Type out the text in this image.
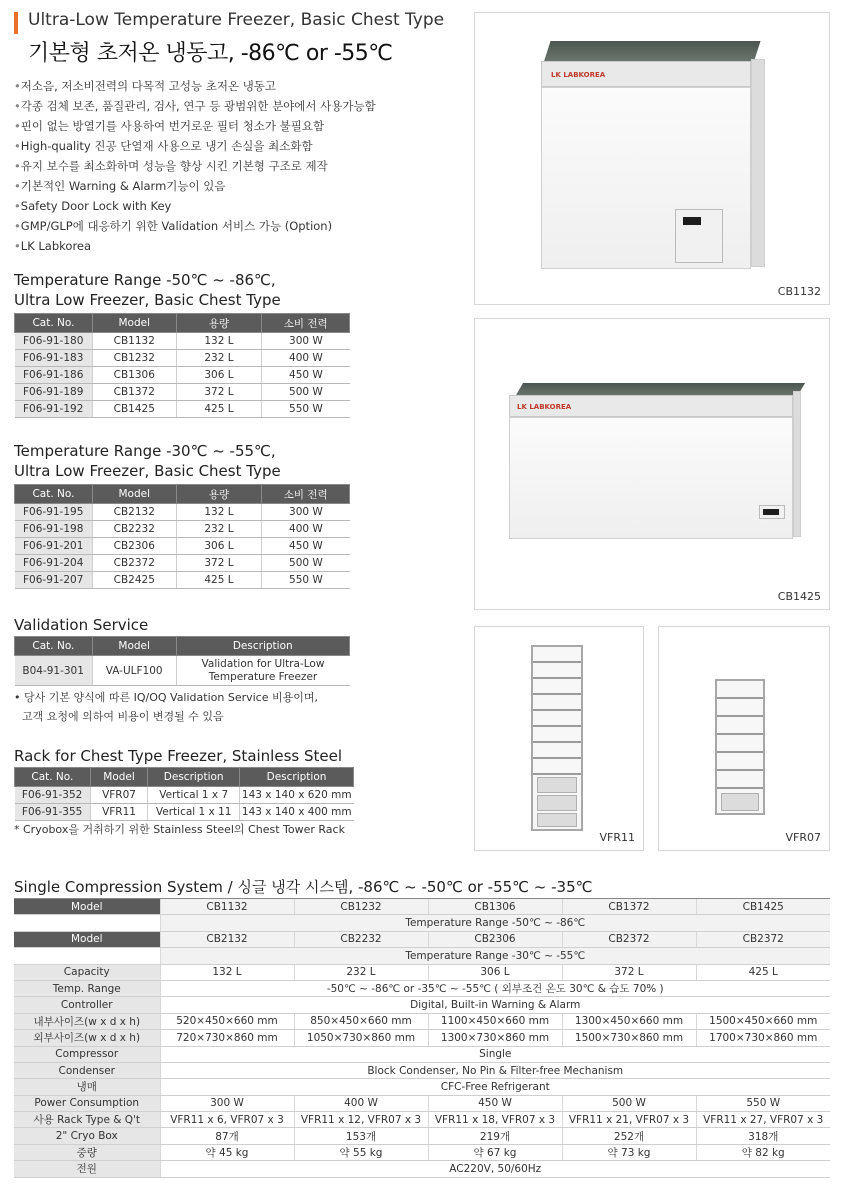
Ultra-Low Temperature Freezer, Basic Chest Type
기본형 초저온 냉동고, -86℃ or -55℃
• 저소음, 저소비전력의 다목적 고성능 초저온 냉동고
• 각종 검체 보존, 품질관리, 검사, 연구 등 광범위한 분야에서 사용가능함
• 핀이 없는 방열기를 사용하여 번거로운 필터 청소가 불필요함
• High-quality 진공 단열재 사용으로 냉기 손실을 최소화함
• 유지 보수를 최소화하며 성능을 향상 시킨 기본형 구조로 제작
• 기본적인 Warning & Alarm기능이 있음
• Safety Door Lock with Key
• GMP/GLP에 대응하기 위한 Validation 서비스 가능 (Option)
• LK Labkorea
Temperature Range -50℃ ~ -86℃,
Ultra Low Freezer, Basic Chest Type
Cat. No.	Model	용량	소비 전력
F06-91-180	CB1132	132 L	300 W
F06-91-183	CB1232	232 L	400 W
F06-91-186	CB1306	306 L	450 W
F06-91-189	CB1372	372 L	500 W
F06-91-192	CB1425	425 L	550 W
Temperature Range -30℃ ~ -55℃,
Ultra Low Freezer, Basic Chest Type
Cat. No.	Model	용량	소비 전력
F06-91-195	CB2132	132 L	300 W
F06-91-198	CB2232	232 L	400 W
F06-91-201	CB2306	306 L	450 W
F06-91-204	CB2372	372 L	500 W
F06-91-207	CB2425	425 L	550 W
Validation Service
Cat. No.	Model	Description
B04-91-301	VA-ULF100	Validation for Ultra-Low
Temperature Freezer
• 당사 기본 양식에 따른 IQ/OQ Validation Service 비용이며,
고객 요청에 의하여 비용이 변경될 수 있음
Rack for Chest Type Freezer, Stainless Steel
Cat. No.	Model	Description	Description
F06-91-352	VFR07	Vertical 1 x 7	143 x 140 x 620 mm
F06-91-355	VFR11	Vertical 1 x 11	143 x 140 x 400 mm
* Cryobox을 거취하기 위한 Stainless Steel의 Chest Tower Rack
LK LABKOREA
CB1132
LK LABKOREA
CB1425
VFR11	VFR07
Single Compression System / 싱글 냉각 시스템, -86℃ ~ -50℃ or -55℃ ~ -35℃
Model	CB1132	CB1232	CB1306	CB1372	CB1425
	Temperature Range -50℃ ~ -86℃				
Model	CB2132	CB2232	CB2306	CB2372	CB2372
	Temperature Range -30℃ ~ -55℃				
Capacity	132 L	232 L	306 L	372 L	425 L
Temp. Range	-50℃ ~ -86℃ or -35℃ ~ -55℃ ( 외부조건 온도 30℃ & 습도 70% )				
Controller	Digital, Built-in Warning & Alarm				
내부사이즈(w x d x h)	520×450×660 mm	850×450×660 mm	1100×450×660 mm	1300×450×660 mm	1500×450×660 mm
외부사이즈(w x d x h)	720×730×860 mm	1050×730×860 mm	1300×730×860 mm	1500×730×860 mm	1700×730×860 mm
Compressor	Single				
Condenser	Block Condenser, No Pin & Filter-free Mechanism				
냉매	CFC-Free Refrigerant				
Power Consumption	300 W	400 W	450 W	500 W	550 W
사용 Rack Type & Q't	VFR11 x 6, VFR07 x 3	VFR11 x 12, VFR07 x 3	VFR11 x 18, VFR07 x 3	VFR11 x 21, VFR07 x 3	VFR11 x 27, VFR07 x 3
2" Cryo Box	87개	153개	219개	252개	318개
중량	약 45 kg	약 55 kg	약 67 kg	약 73 kg	약 82 kg
전원	AC220V, 50/60Hz				
